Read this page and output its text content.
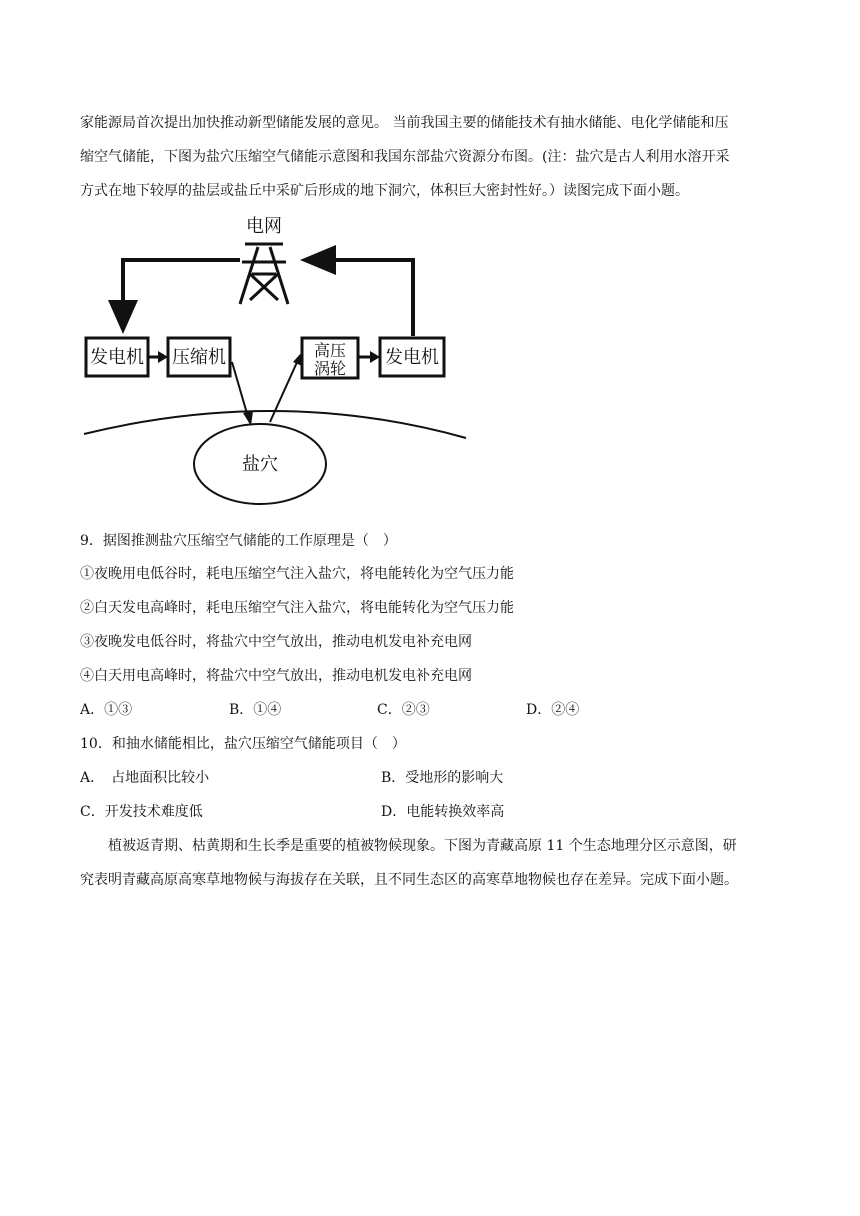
家能源局首次提出加快推动新型储能发展的意见。 当前我国主要的储能技术有抽水储能、电化学储能和压
缩空气储能，下图为盐穴压缩空气储能示意图和我国东部盐穴资源分布图。(注：盐穴是古人利用水溶开采
方式在地下较厚的盐层或盐丘中采矿后形成的地下洞穴，体积巨大密封性好。）读图完成下面小题。
电网
发电机 压缩机	高压
涡轮
发电机
盐穴
9．据图推测盐穴压缩空气储能的工作原理是（　）
①夜晚用电低谷时，耗电压缩空气注入盐穴，将电能转化为空气压力能
②白天发电高峰时，耗电压缩空气注入盐穴，将电能转化为空气压力能
③夜晚发电低谷时，将盐穴中空气放出，推动电机发电补充电网
④白天用电高峰时，将盐穴中空气放出，推动电机发电补充电网
A．①③	B．①④	C．②③	D．②④
10．和抽水储能相比，盐穴压缩空气储能项目（　）
A．　占地面积比较小	B．受地形的影响大
C．开发技术难度低	D．电能转换效率高
植被返青期、枯黄期和生长季是重要的植被物候现象。下图为青藏高原 11 个生态地理分区示意图，研
究表明青藏高原高寒草地物候与海拔存在关联，且不同生态区的高寒草地物候也存在差异。完成下面小题。
